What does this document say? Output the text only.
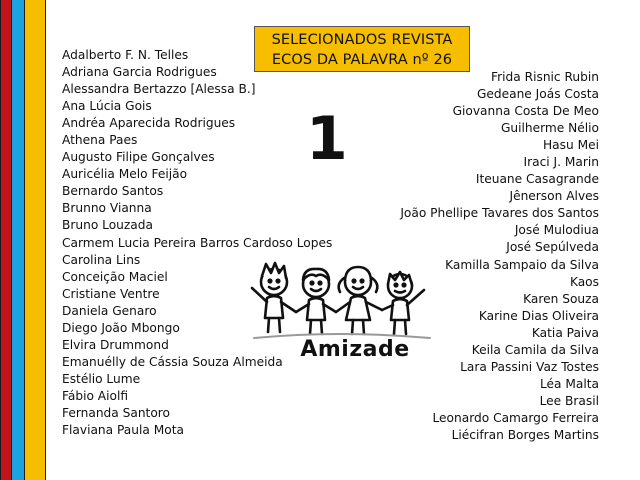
SELECIONADOS REVISTA
ECOS DA PALAVRA nº 26
Adalberto F. N. Telles
Adriana Garcia Rodrigues
Alessandra Bertazzo [Alessa B.]
Ana Lúcia Gois
Andréa Aparecida Rodrigues
Athena Paes
Augusto Filipe Gonçalves
Auricélia Melo Feijão
Bernardo Santos
Brunno Vianna
Bruno Louzada
Carmem Lucia Pereira Barros Cardoso Lopes
Carolina Lins
Conceição Maciel
Cristiane Ventre
Daniela Genaro
Diego João Mbongo
Elvira Drummond
Emanuélly de Cássia Souza Almeida
Estélio Lume
Fábio Aiolfi
Fernanda Santoro
Flaviana Paula Mota
Frida Risnic Rubin
Gedeane Joás Costa
Giovanna Costa De Meo
Guilherme Nélio
Hasu Mei
Iraci J. Marin
Iteuane Casagrande
Jênerson Alves
João Phellipe Tavares dos Santos
José Mulodiua
José Sepúlveda
Kamilla Sampaio da Silva
Kaos
Karen Souza
Karine Dias Oliveira
Katia Paiva
Keila Camila da Silva
Lara Passini Vaz Tostes
Léa Malta
Lee Brasil
Leonardo Camargo Ferreira
Liécifran Borges Martins
1
Amizade
